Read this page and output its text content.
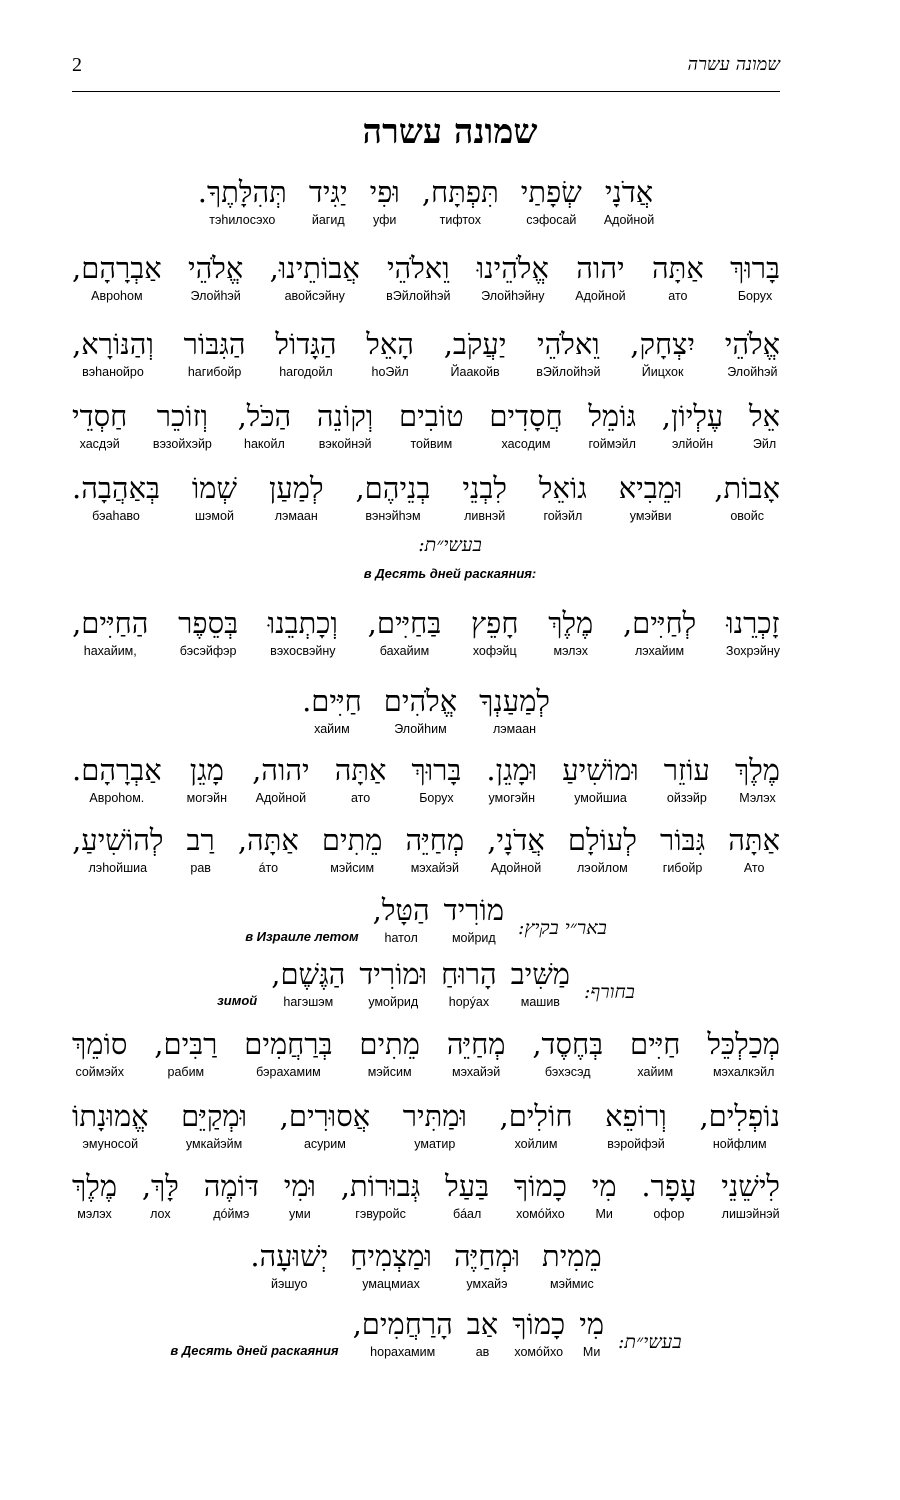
2	שמונה עשרה
שמונה עשרה
אֲדֹנָי
Адойной
שְׂפָתַי
сэфосай
תִּפְתָּח,
тифтох
וּפִי
уфи
יַגִּיד
йагид
תְּהִלָּתֶךָ.
тэhилосэхо
בָּרוּךְ
Борух
אַתָּה
ато
יהוה
Адойной
אֱלֹהֵינוּ
Элойhэйну
וֵאלֹהֵי
вЭйлойhэй
אֲבוֹתֵינוּ,
авойсэйну
אֱלֹהֵי
Элойhэй
אַבְרָהָם,
Авроhом
אֱלֹהֵי
Элойhэй
יִצְחָק,
Йицхок
וֵאלֹהֵי
вЭйлойhэй
יַעֲקֹב,
Йаакойв
הָאֵל
hоЭйл
הַגָּדוֹל
hагодойл
הַגִּבּוֹר
hагибойр
וְהַנּוֹרָא,
вэhанойро
אֵל
Эйл
עֶלְיוֹן,
элйойн
גּוֹמֵל
гоймэйл
חֲסָדִים
хасодим
טוֹבִים
тойвим
וְקוֹנֵה
вэкойнэй
הַכֹּל,
hакойл
וְזוֹכֵר
вэзойхэйр
חַסְדֵי
хасдэй
אָבוֹת,
овойс
וּמֵבִיא
умэйви
גוֹאֵל
гойэйл
לִבְנֵי
ливнэй
בְנֵיהֶם,
вэнэйhэм
לְמַעַן
лэмаан
שְׁמוֹ
шэмой
בְּאַהֲבָה.
бэаhаво
בעשי״ת:
в Десять дней раскаяния:
זָכְרֵנוּ
Зохрэйну
לְחַיִּים,
лэхайим
מֶלֶךְ
мэлэх
חָפֵץ
хофэйц
בַּחַיִּים,
бахайим
וְכָתְבֵנוּ
вэхосвэйну
בְּסֵפֶר
бэсэйфэр
הַחַיִּים,
hахайим,
לְמַעַנְךָ
лэмаан
אֱלֹהִים
Элойhим
חַיִּים.
хайим
מֶלֶךְ
Мэлэх
עוֹזֵר
ойзэйр
וּמוֹשִׁיעַ
умойшиа
וּמָגֵן.
умогэйн
בָּרוּךְ
Борух
אַתָּה
ато
יהוה,
Адойной
מָגֵן
могэйн
אַבְרָהָם.
Авроhом.
אַתָּה
Ато
גִּבּוֹר
гибойр
לְעוֹלָם
лэойлом
אֲדֹנָי,
Адойной
מְחַיֵּה
мэхайэй
מֵתִים
мэйсим
אַתָּה,
áто
רַב
рав
לְהוֹשִׁיעַ,
лэhойшиа
באר״י בקיץ:
מוֹרִיד
мойрид
הַטָּל,
hатол
в Израиле летом
בחורף:
מַשִּׁיב
машив
הָרוּחַ
hорýах
וּמוֹרִיד
умойрид
הַגֶּשֶׁם,
hагэшэм
зимой
מְכַלְכֵּל
мэхалкэйл
חַיִּים
хайим
בְּחֶסֶד,
бэхэсэд
מְחַיֵּה
мэхайэй
מֵתִים
мэйсим
בְּרַחֲמִים
бэрахамим
רַבִּים,
рабим
סוֹמֵךְ
соймэйх
נוֹפְלִים,
нойфлим
וְרוֹפֵא
вэройфэй
חוֹלִים,
хойлим
וּמַתִּיר
уматир
אֲסוּרִים,
асурим
וּמְקַיֵּם
умкайэйм
אֱמוּנָתוֹ
эмуносой
לִישֵׁנֵי
лишэйнэй
עָפָר.
офор
מִי
Ми
כָמוֹךָ
хомóйхо
בַּעַל
бáал
גְּבוּרוֹת,
гэвуройс
וּמִי
уми
דּוֹמֶה
дóймэ
לָּךְ,
лох
מֶלֶךְ
мэлэх
מֵמִית
мэймис
וּמְחַיֶּה
умхайэ
וּמַצְמִיחַ
умацмиах
יְשׁוּעָה.
йэшуо
בעשי״ת:
מִי
Ми
כָמוֹךָ
хомóйхо
אַב
ав
הָרַחֲמִים,
hорахамим
в Десять дней раскаяния
